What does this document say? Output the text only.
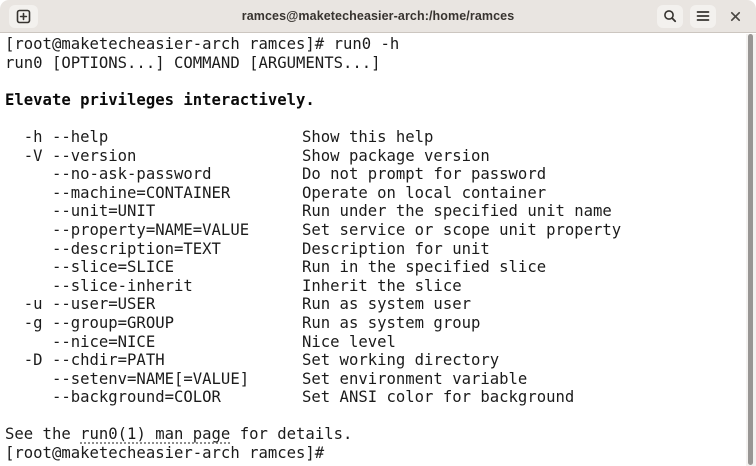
ramces@maketecheasier-arch:/home/ramces
[root@maketecheasier-arch ramces]# run0 -h
run0 [OPTIONS...] COMMAND [ARGUMENTS...]
Elevate privileges interactively.
-h --help	Show this help
-V --version	Show package version
--no-ask-password	Do not prompt for password
--machine=CONTAINER	Operate on local container
--unit=UNIT	Run under the specified unit name
--property=NAME=VALUE	Set service or scope unit property
--description=TEXT	Description for unit
--slice=SLICE	Run in the specified slice
--slice-inherit	Inherit the slice
-u --user=USER	Run as system user
-g --group=GROUP	Run as system group
--nice=NICE	Nice level
-D --chdir=PATH	Set working directory
--setenv=NAME[=VALUE]	Set environment variable
--background=COLOR	Set ANSI color for background
See the run0(1) man page for details.
[root@maketecheasier-arch ramces]#
